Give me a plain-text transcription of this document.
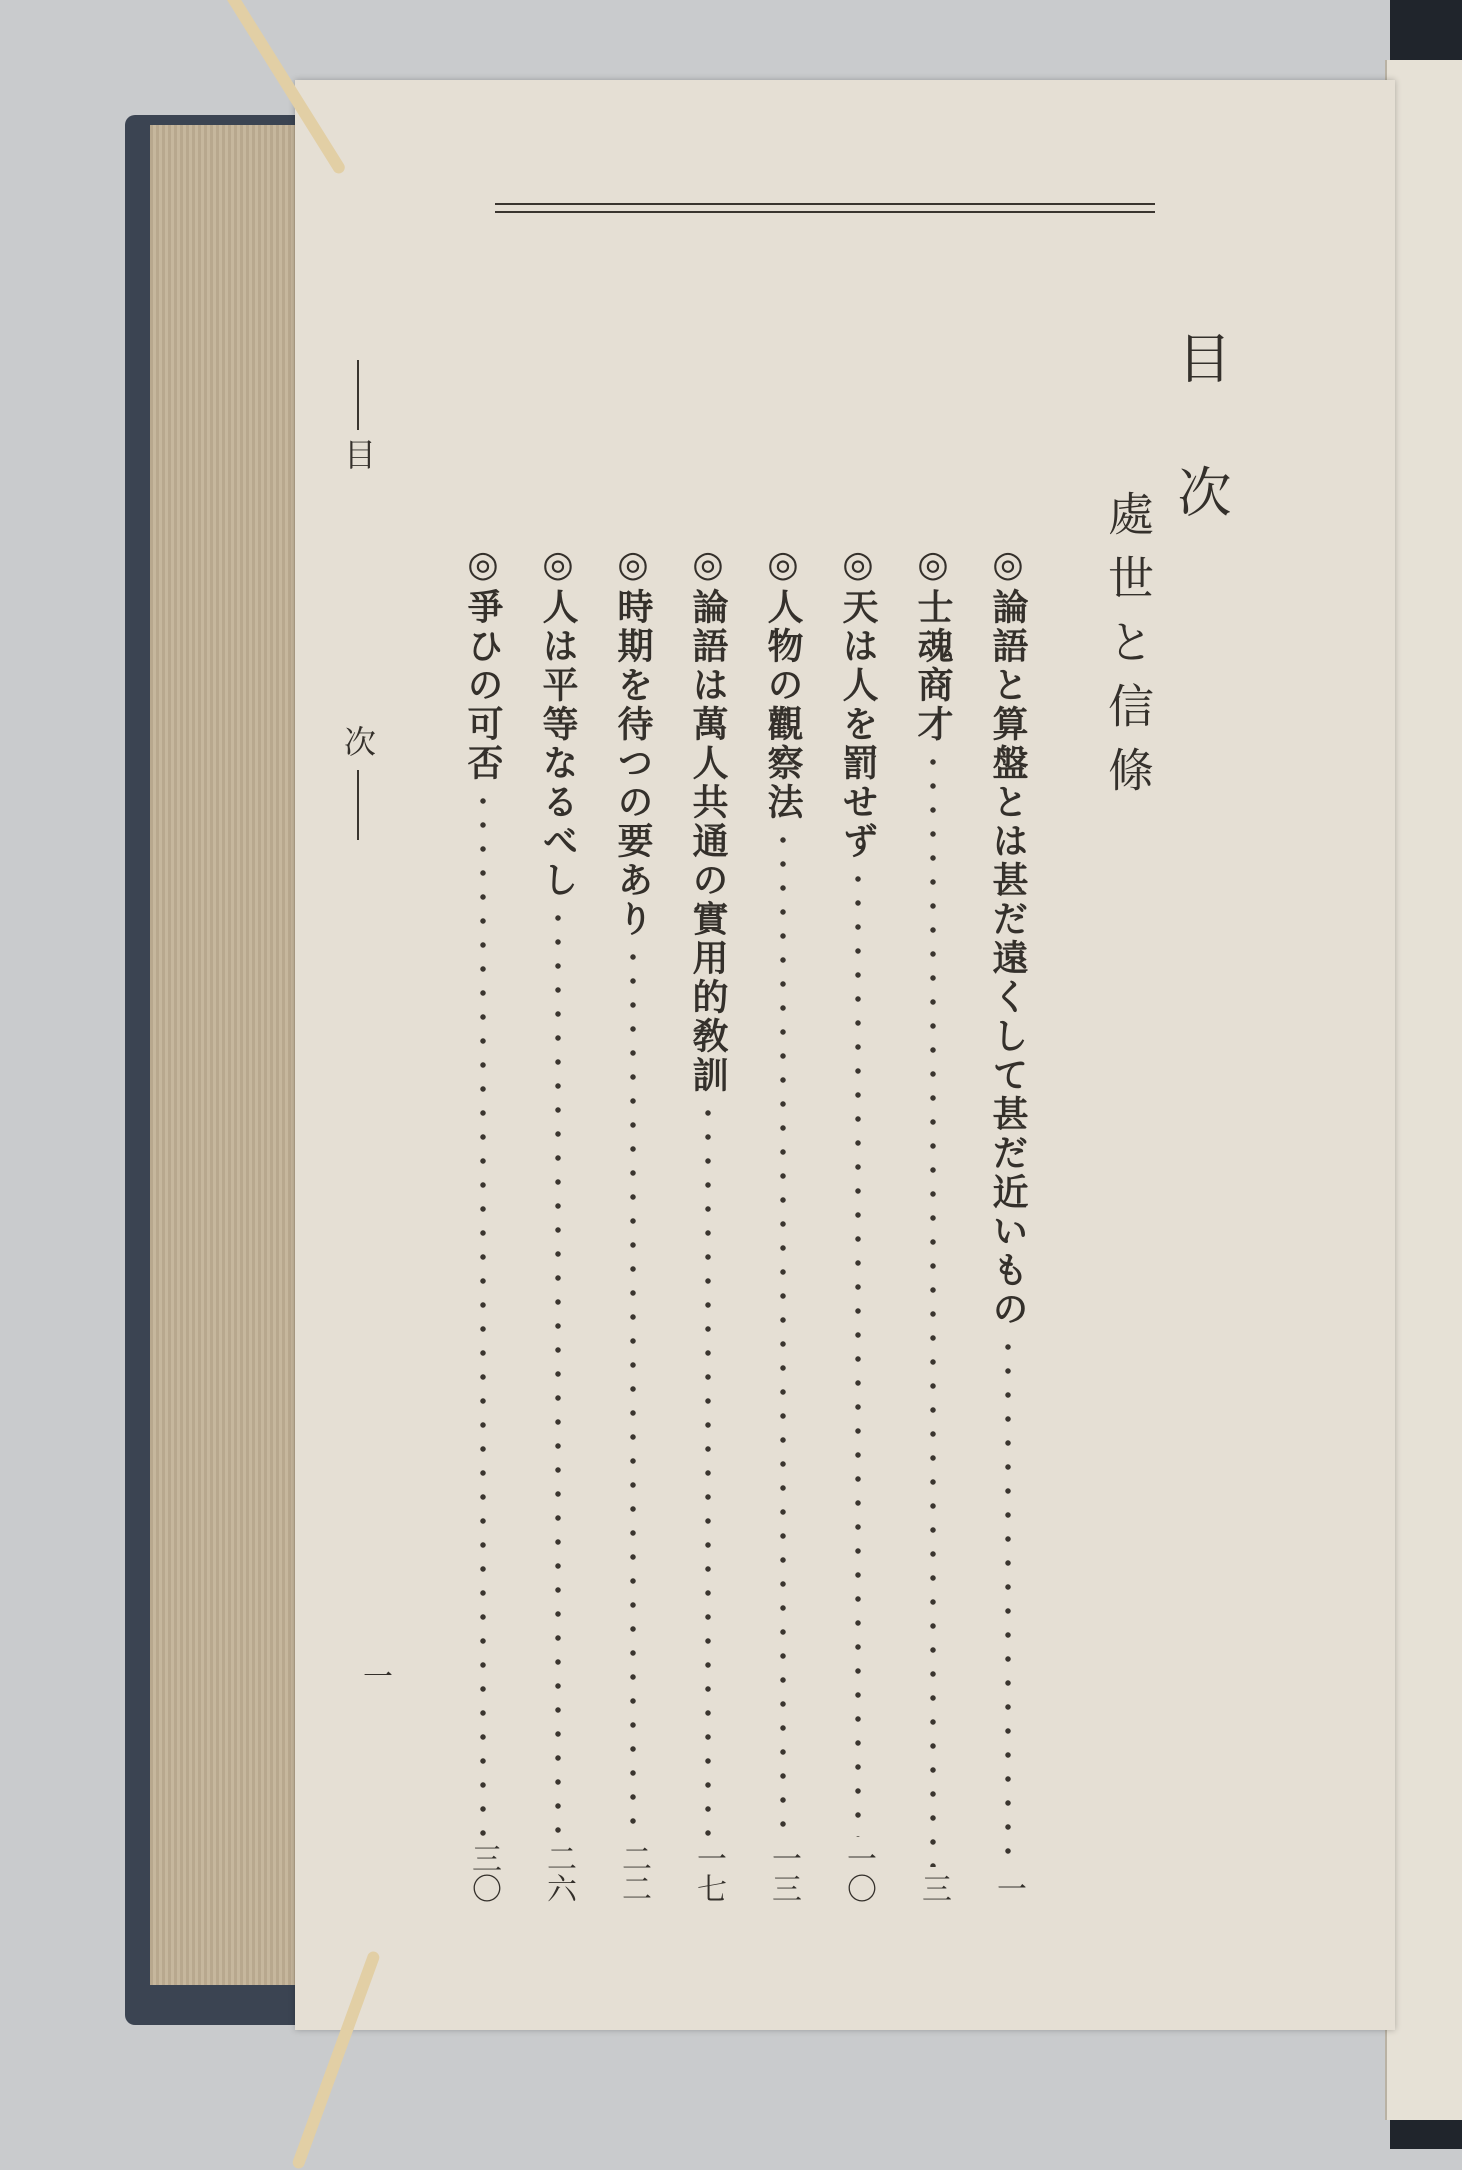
目次
處世と信條
◎論語と算盤とは甚だ遠くして甚だ近いもの
一
◎士魂商才
三
◎天は人を罰せず
一〇
◎人物の觀察法
一三
◎論語は萬人共通の實用的敎訓
一七
◎時期を待つの要あり
二二
◎人は平等なるべし
二六
◎爭ひの可否
三〇
目
次
一
